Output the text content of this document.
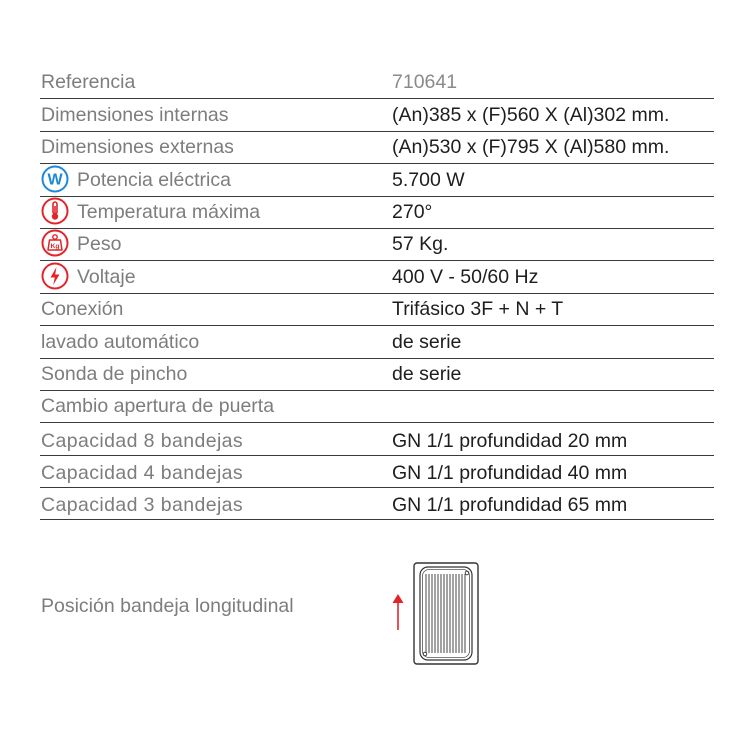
Referencia	710641
Dimensiones internas	(An)385 x (F)560 X (Al)302 mm.
Dimensiones externas	(An)530 x (F)795 X (Al)580 mm.
W Potencia eléctrica	5.700 W
Temperatura máxima	270°
Kg Peso	57 Kg.
Voltaje	400 V - 50/60 Hz
Conexión	Trifásico 3F + N + T
lavado automático	de serie
Sonda de pincho	de serie
Cambio apertura de puerta
Capacidad 8 bandejas	GN 1/1 profundidad 20 mm
Capacidad 4 bandejas	GN 1/1 profundidad 40 mm
Capacidad 3 bandejas	GN 1/1 profundidad 65 mm
Posición bandeja longitudinal
